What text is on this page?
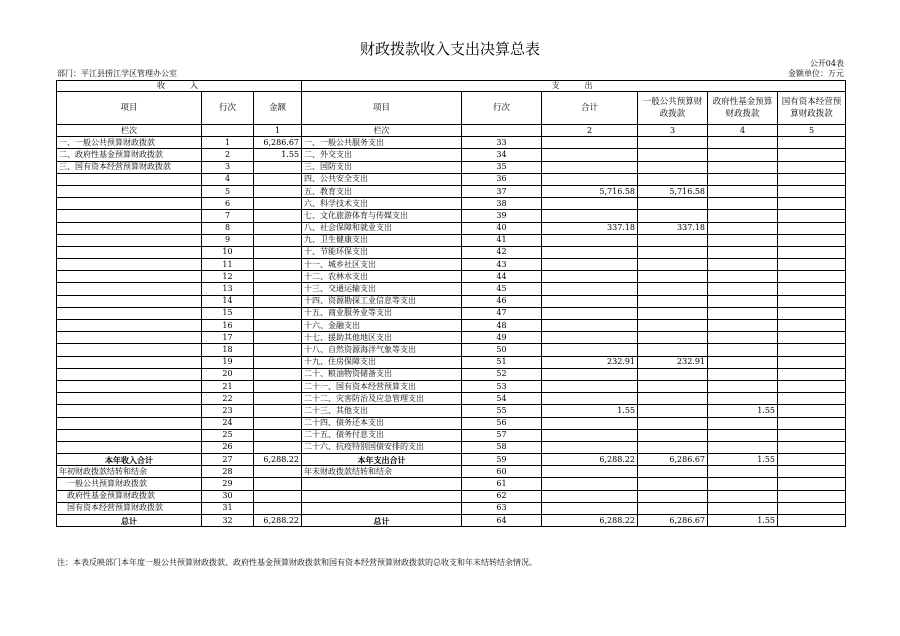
财政拨款收入支出决算总表
公开04表
部门：平江县捞江学区管理办公室	金额单位：万元
收　　入			支　　出					
项目	行次	金额	项目	行次	合计	一般公共预算财政拨款	政府性基金预算财政拨款	国有资本经营预算财政拨款
栏次		1	栏次		2	3	4	5
一、一般公共预算财政拨款	1	6,286.67	一、一般公共服务支出	33				
二、政府性基金预算财政拨款	2	1.55	二、外交支出	34				
三、国有资本经营预算财政拨款	3		三、国防支出	35				
	4		四、公共安全支出	36				
	5		五、教育支出	37	5,716.58	5,716.58		
	6		六、科学技术支出	38				
	7		七、文化旅游体育与传媒支出	39				
	8		八、社会保障和就业支出	40	337.18	337.18		
	9		九、卫生健康支出	41				
	10		十、节能环保支出	42				
	11		十一、城乡社区支出	43				
	12		十二、农林水支出	44				
	13		十三、交通运输支出	45				
	14		十四、资源勘探工业信息等支出	46				
	15		十五、商业服务业等支出	47				
	16		十六、金融支出	48				
	17		十七、援助其他地区支出	49				
	18		十八、自然资源海洋气象等支出	50				
	19		十九、住房保障支出	51	232.91	232.91		
	20		二十、粮油物资储备支出	52				
	21		二十一、国有资本经营预算支出	53				
	22		二十二、灾害防治及应急管理支出	54				
	23		二十三、其他支出	55	1.55		1.55	
	24		二十四、债务还本支出	56				
	25		二十五、债务付息支出	57				
	26		二十六、抗疫特别国债安排的支出	58				
本年收入合计	27	6,288.22	本年支出合计	59	6,288.22	6,286.67	1.55	
年初财政拨款结转和结余	28		年末财政拨款结转和结余	60				
一般公共预算财政拨款	29			61				
政府性基金预算财政拨款	30			62				
国有资本经营预算财政拨款	31			63				
总计	32	6,288.22	总计	64	6,288.22	6,286.67	1.55	
注：本表反映部门本年度一般公共预算财政拨款、政府性基金预算财政拨款和国有资本经营预算财政拨款的总收支和年末结转结余情况。
